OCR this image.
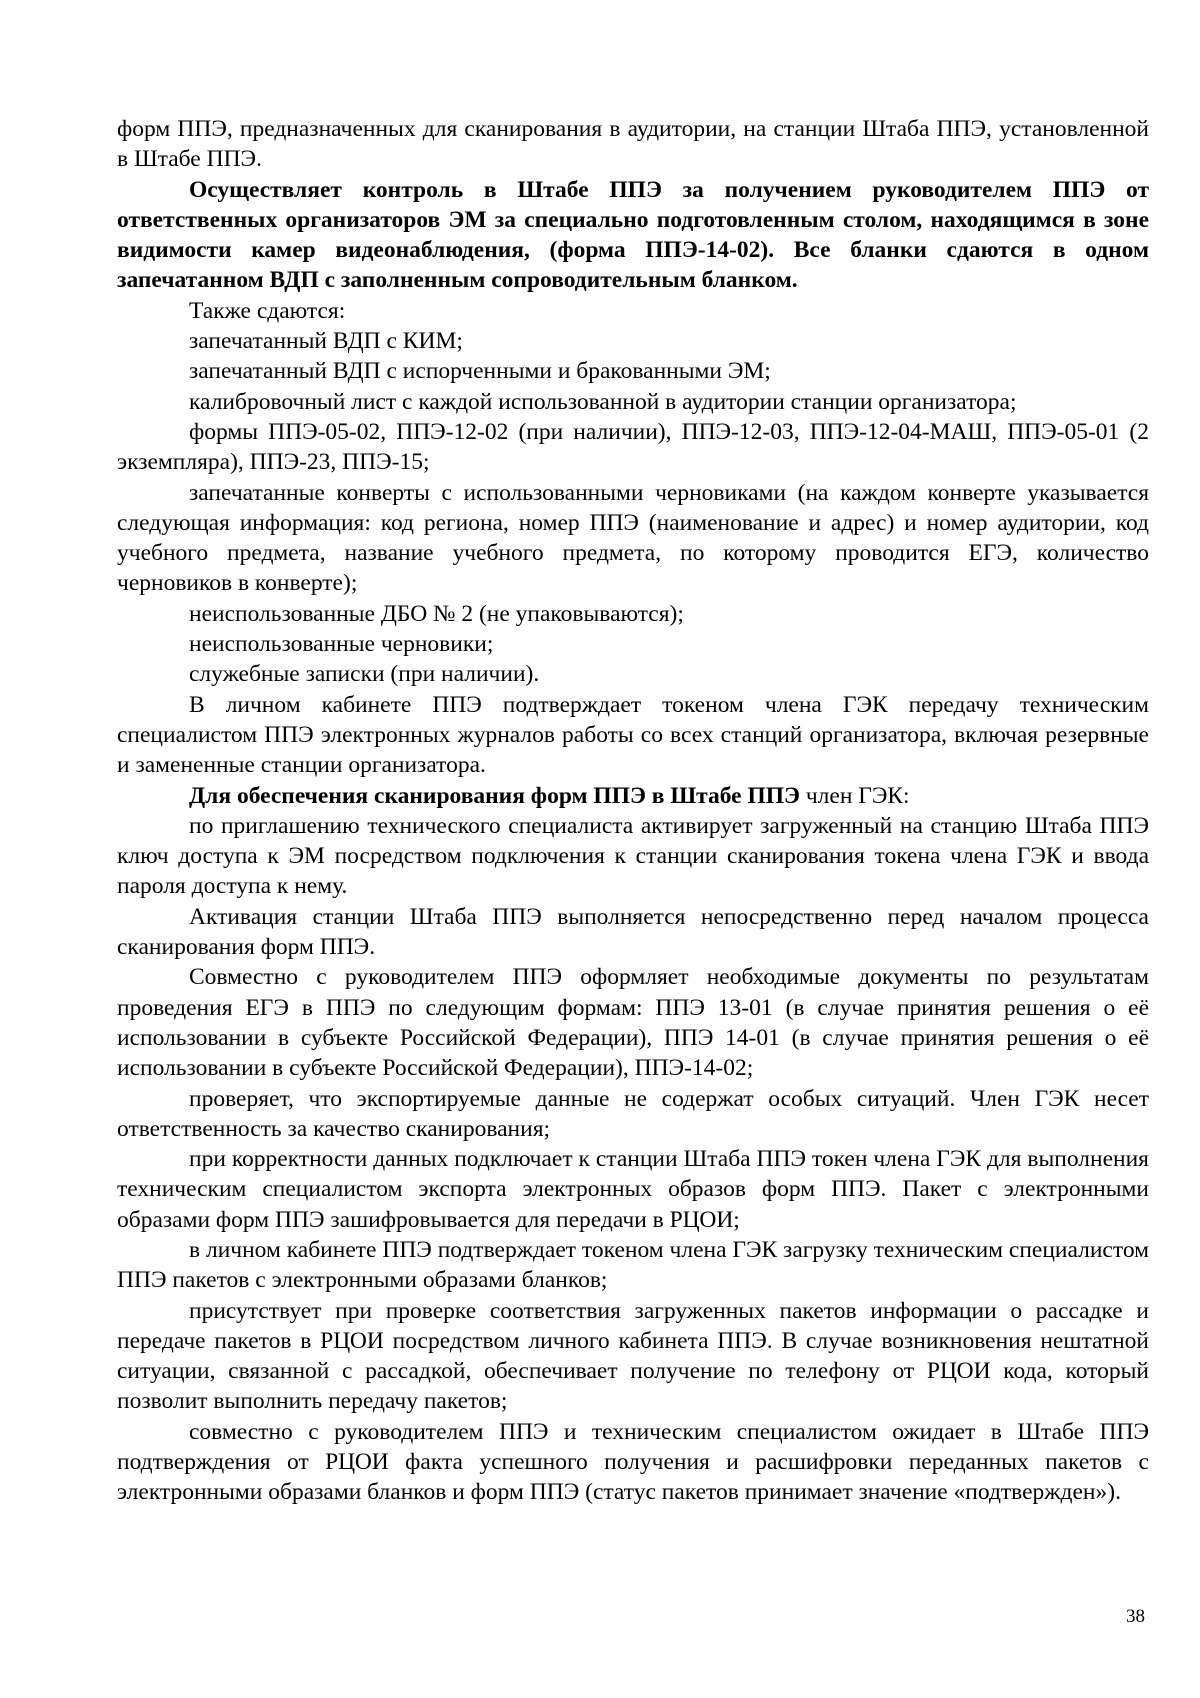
форм ППЭ, предназначенных для сканирования в аудитории, на станции Штаба ППЭ, установленной в Штабе ППЭ.

Осуществляет контроль в Штабе ППЭ за получением руководителем ППЭ от ответственных организаторов ЭМ за специально подготовленным столом, находящимся в зоне видимости камер видеонаблюдения, (форма ППЭ-14-02). Все бланки сдаются в одном запечатанном ВДП с заполненным сопроводительным бланком.

Также сдаются:

запечатанный ВДП с КИМ;

запечатанный ВДП с испорченными и бракованными ЭМ;

калибровочный лист с каждой использованной в аудитории станции организатора;

формы ППЭ-05-02, ППЭ-12-02 (при наличии), ППЭ-12-03, ППЭ-12-04-МАШ, ППЭ-05-01 (2 экземпляра), ППЭ-23, ППЭ-15;

запечатанные конверты с использованными черновиками (на каждом конверте указывается следующая информация: код региона, номер ППЭ (наименование и адрес) и номер аудитории, код учебного предмета, название учебного предмета, по которому проводится ЕГЭ, количество черновиков в конверте);

неиспользованные ДБО № 2 (не упаковываются);

неиспользованные черновики;

служебные записки (при наличии).

В личном кабинете ППЭ подтверждает токеном члена ГЭК передачу техническим специалистом ППЭ электронных журналов работы со всех станций организатора, включая резервные и замененные станции организатора.

Для обеспечения сканирования форм ППЭ в Штабе ППЭ член ГЭК:

по приглашению технического специалиста активирует загруженный на станцию Штаба ППЭ ключ доступа к ЭМ посредством подключения к станции сканирования токена члена ГЭК и ввода пароля доступа к нему.

Активация станции Штаба ППЭ выполняется непосредственно перед началом процесса сканирования форм ППЭ.

Совместно с руководителем ППЭ оформляет необходимые документы по результатам проведения ЕГЭ в ППЭ по следующим формам: ППЭ 13-01 (в случае принятия решения о её использовании в субъекте Российской Федерации), ППЭ 14-01 (в случае принятия решения о её использовании в субъекте Российской Федерации), ППЭ-14-02;

проверяет, что экспортируемые данные не содержат особых ситуаций. Член ГЭК несет ответственность за качество сканирования;

при корректности данных подключает к станции Штаба ППЭ токен члена ГЭК для выполнения техническим специалистом экспорта электронных образов форм ППЭ. Пакет с электронными образами форм ППЭ зашифровывается для передачи в РЦОИ;

в личном кабинете ППЭ подтверждает токеном члена ГЭК загрузку техническим специалистом ППЭ пакетов с электронными образами бланков;

присутствует при проверке соответствия загруженных пакетов информации о рассадке и передаче пакетов в РЦОИ посредством личного кабинета ППЭ. В случае возникновения нештатной ситуации, связанной с рассадкой, обеспечивает получение по телефону от РЦОИ кода, который позволит выполнить передачу пакетов;

совместно с руководителем ППЭ и техническим специалистом ожидает в Штабе ППЭ подтверждения от РЦОИ факта успешного получения и расшифровки переданных пакетов с электронными образами бланков и форм ППЭ (статус пакетов принимает значение «подтвержден»).

38
